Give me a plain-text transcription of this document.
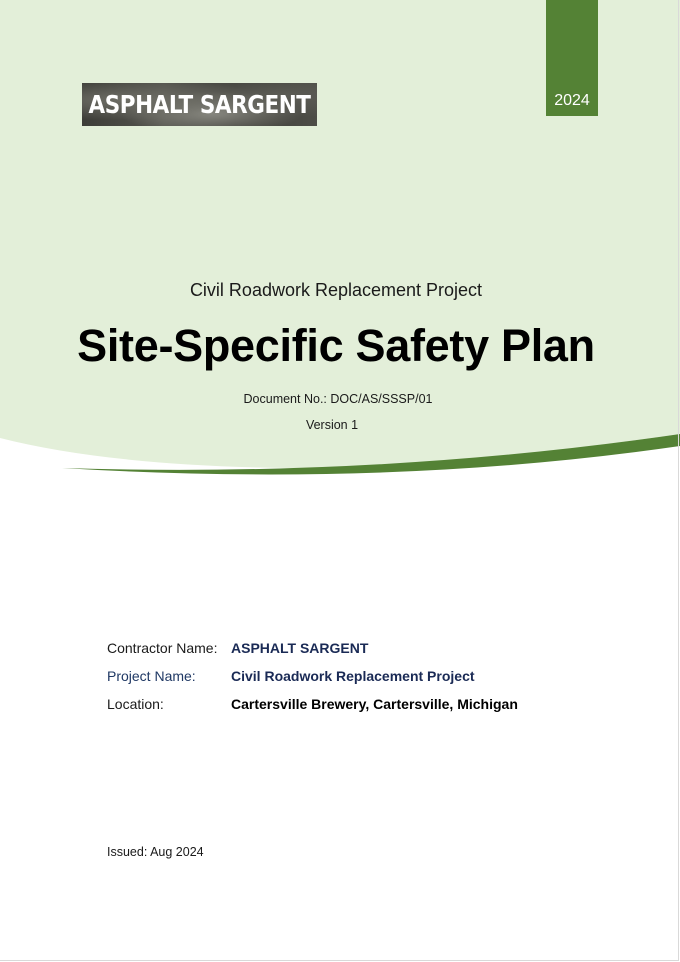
2024
ASPHALT SARGENT
Civil Roadwork Replacement Project
Site-Specific Safety Plan
Document No.: DOC/AS/SSSP/01
Version 1
Contractor Name: ASPHALT SARGENT
Project Name:	Civil Roadwork Replacement Project
Location:	Cartersville Brewery, Cartersville, Michigan
Issued: Aug 2024
